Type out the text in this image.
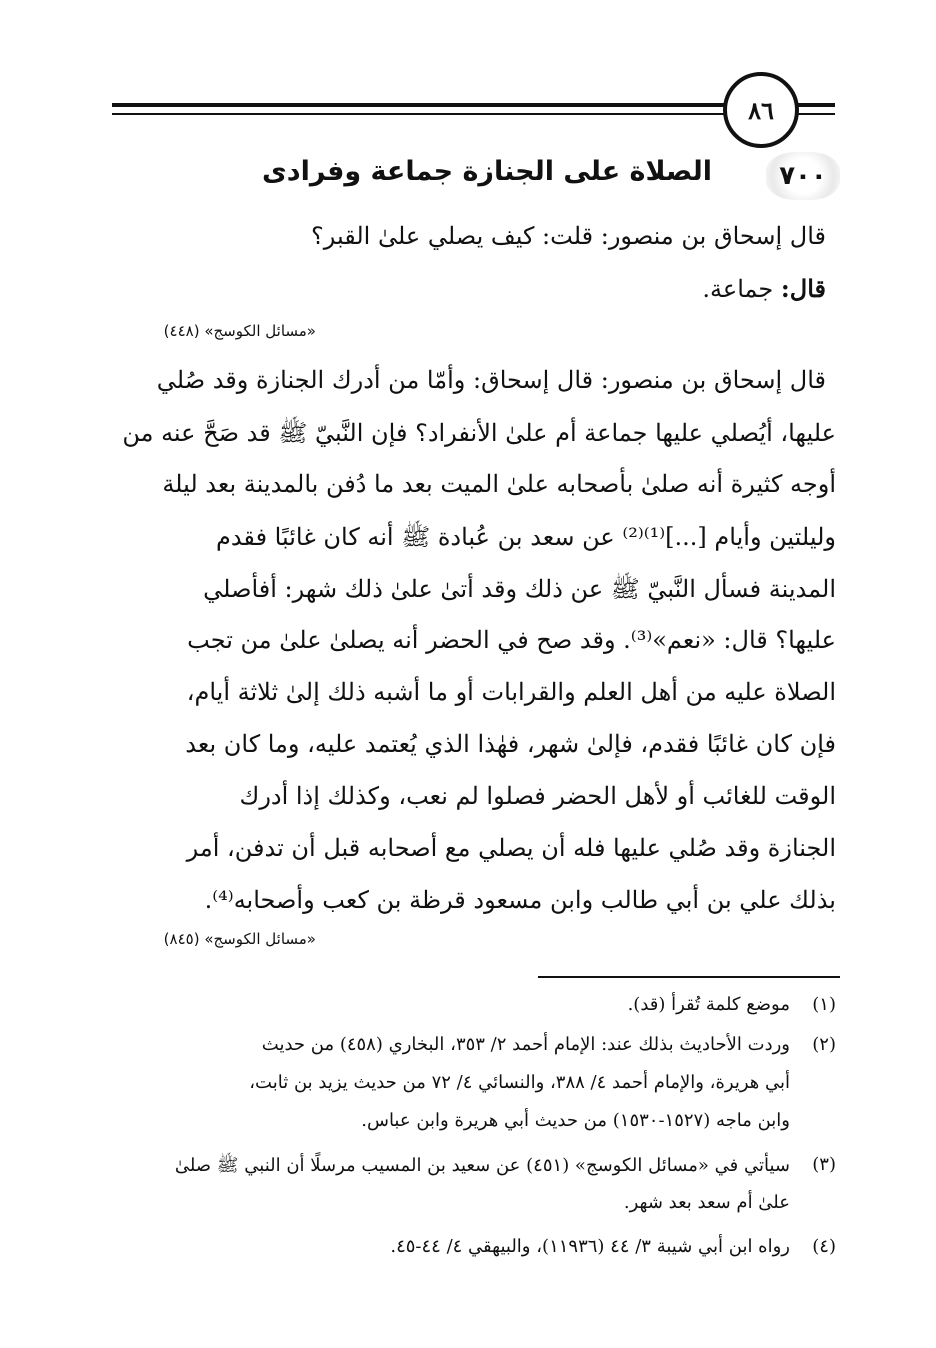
٨٦
٧٠٠
الصلاة على الجنازة جماعة وفرادى
قال إسحاق بن منصور: قلت: كيف يصلي علىٰ القبر؟
قال: جماعة.
«مسائل الكوسج» (٤٤٨)
قال إسحاق بن منصور: قال إسحاق: وأمّا من أدرك الجنازة وقد صُلي
عليها، أيُصلي عليها جماعة أم علىٰ الأنفراد؟ فإن النَّبيّ ﷺ قد صَحَّ عنه من
أوجه كثيرة أنه صلىٰ بأصحابه علىٰ الميت بعد ما دُفن بالمدينة بعد ليلة
وليلتين وأيام [...]⁽¹⁾⁽²⁾ عن سعد بن عُبادة ﷺ أنه كان غائبًا فقدم
المدينة فسأل النَّبيّ ﷺ عن ذلك وقد أتىٰ علىٰ ذلك شهر: أفأصلي
عليها؟ قال: «نعم»⁽³⁾. وقد صح في الحضر أنه يصلىٰ علىٰ من تجب
الصلاة عليه من أهل العلم والقرابات أو ما أشبه ذلك إلىٰ ثلاثة أيام،
فإن كان غائبًا فقدم، فإلىٰ شهر، فهٰذا الذي يُعتمد عليه، وما كان بعد
الوقت للغائب أو لأهل الحضر فصلوا لم نعب، وكذلك إذا أدرك
الجنازة وقد صُلي عليها فله أن يصلي مع أصحابه قبل أن تدفن، أمر
بذلك علي بن أبي طالب وابن مسعود قرظة بن كعب وأصحابه⁽⁴⁾.
«مسائل الكوسج» (٨٤٥)
(١)
موضع كلمة تُقرأ (قد).
(٢)
وردت الأحاديث بذلك عند: الإمام أحمد ٢/ ٣٥٣، البخاري (٤٥٨) من حديث
أبي هريرة، والإمام أحمد ٤/ ٣٨٨، والنسائي ٤/ ٧٢ من حديث يزيد بن ثابت،
وابن ماجه (١٥٢٧-١٥٣٠) من حديث أبي هريرة وابن عباس.
(٣)
سيأتي في «مسائل الكوسج» (٤٥١) عن سعيد بن المسيب مرسلًا أن النبي ﷺ صلىٰ
علىٰ أم سعد بعد شهر.
(٤)
رواه ابن أبي شيبة ٣/ ٤٤ (١١٩٣٦)، والبيهقي ٤/ ٤٤-٤٥.
